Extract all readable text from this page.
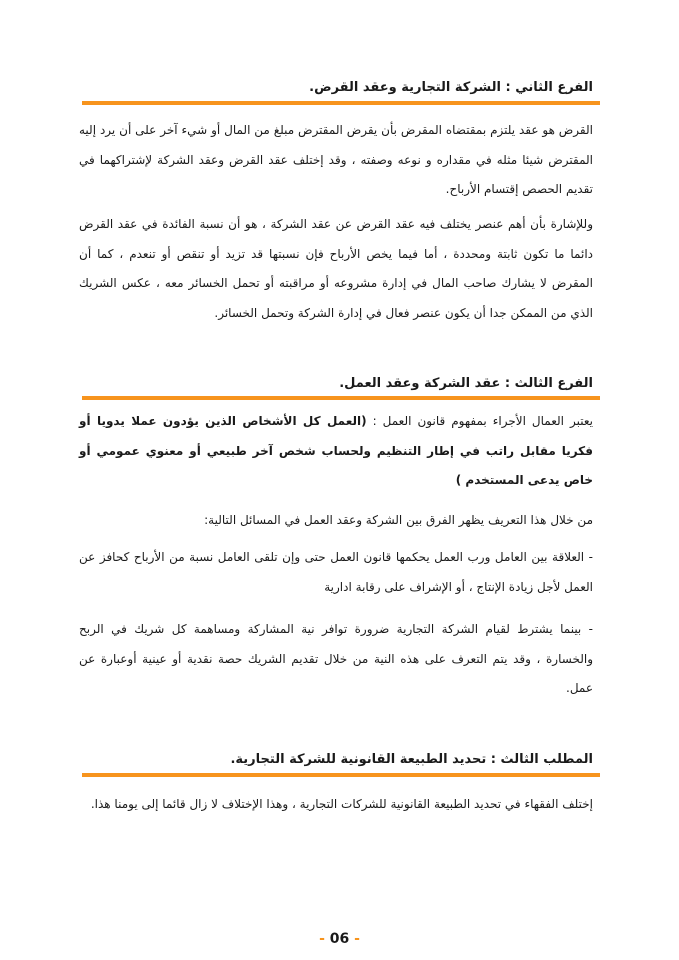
الفرع الثاني : الشركة التجارية وعقد القرض.

القرض هو عقد يلتزم بمقتضاه المقرض بأن يقرض المقترض مبلغ من المال أو شيء آخر على أن يرد إليه المقترض شيئا مثله في مقداره و نوعه وصفته ، وقد إختلف عقد القرض وعقد الشركة لإشتراكهما في تقديم الحصص إقتسام الأرباح.

وللإشارة بأن أهم عنصر يختلف فيه عقد القرض عن عقد الشركة ، هو أن نسبة الفائدة في عقد القرض دائما ما تكون ثابتة ومحددة ، أما فيما يخص الأرباح فإن نسبتها قد تزيد أو تنقص أو تنعدم ، كما أن المقرض لا يشارك صاحب المال في إدارة مشروعه أو مراقبته أو تحمل الخسائر معه ، عكس الشريك الذي من الممكن جدا أن يكون عنصر فعال في إدارة الشركة وتحمل الخسائر.

الفرع الثالث : عقد الشركة وعقد العمل.

يعتبر العمال الأجراء بمفهوم قانون العمل : (العمل كل الأشخاص الذين يؤدون عملا يدويا أو فكريا مقابل راتب في إطار التنظيم ولحساب شخص آخر طبيعي أو معنوي عمومي أو خاص يدعى المستخدم )

من خلال هذا التعريف يظهر الفرق بين الشركة وعقد العمل في المسائل التالية:

- العلاقة بين العامل ورب العمل يحكمها قانون العمل حتى وإن تلقى العامل نسبة من الأرباح كحافز عن العمل لأجل زيادة الإنتاج ، أو الإشراف على رقابة ادارية

- بينما يشترط لقيام الشركة التجارية ضرورة توافر نية المشاركة ومساهمة كل شريك في الربح والخسارة ، وقد يتم التعرف على هذه النية من خلال تقديم الشريك حصة نقدية أو عينية أوعبارة عن عمل.

المطلب الثالث : تحديد الطبيعة القانونية للشركة التجارية.

إختلف الفقهاء في تحديد الطبيعة القانونية للشركات التجارية ، وهذا الإختلاف لا زال قائما إلى يومنا هذا.

- 06 -
